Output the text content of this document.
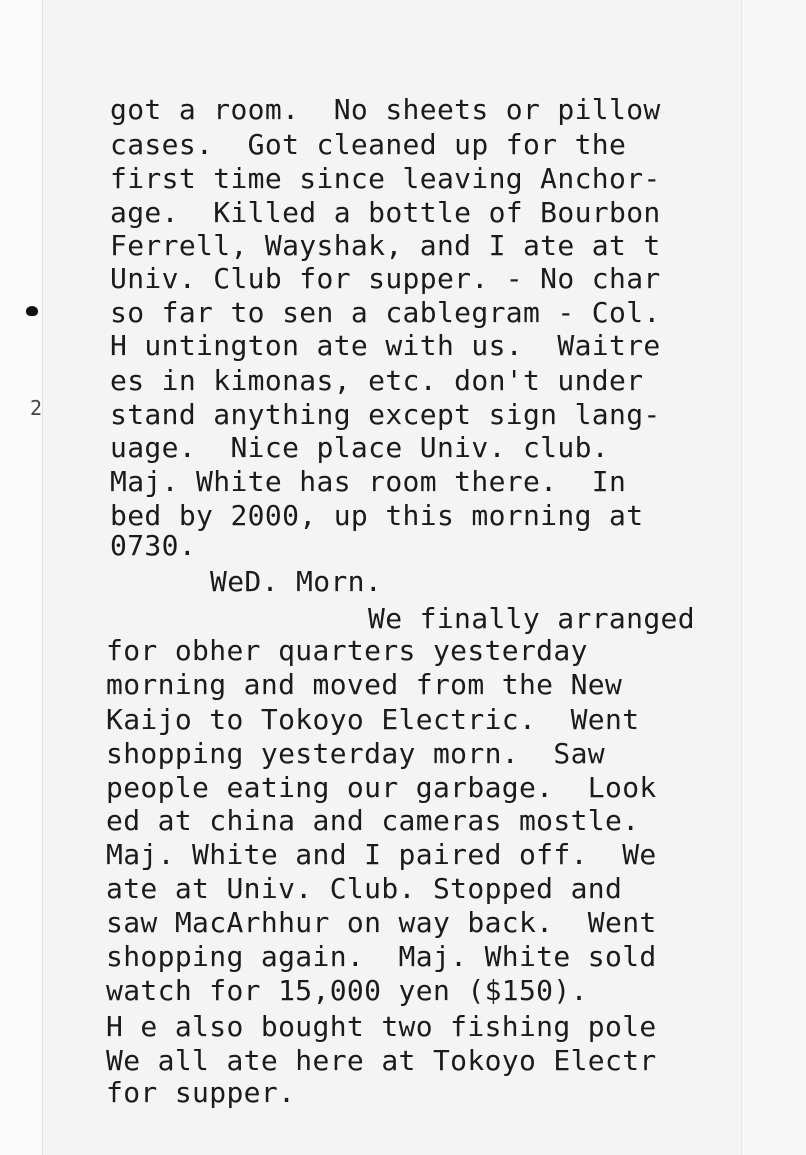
2

got a room.  No sheets or pillow

cases.  Got cleaned up for the

first time since leaving Anchor-

age.  Killed a bottle of Bourbon

Ferrell, Wayshak, and I ate at t

Univ. Club for supper. - No char

so far to sen a cablegram - Col.

H untington ate with us.  Waitre

es in kimonas, etc. don't under

stand anything except sign lang-

uage.  Nice place Univ. club.

Maj. White has room there.  In

bed by 2000, up this morning at

0730.

WeD. Morn.

We finally arranged

for obher quarters yesterday

morning and moved from the New

Kaijo to Tokoyo Electric.  Went

shopping yesterday morn.  Saw

people eating our garbage.  Look

ed at china and cameras mostle.

Maj. White and I paired off.  We

ate at Univ. Club. Stopped and

saw MacArhhur on way back.  Went

shopping again.  Maj. White sold

watch for 15,000 yen ($150).

H e also bought two fishing pole

We all ate here at Tokoyo Electr

for supper.
